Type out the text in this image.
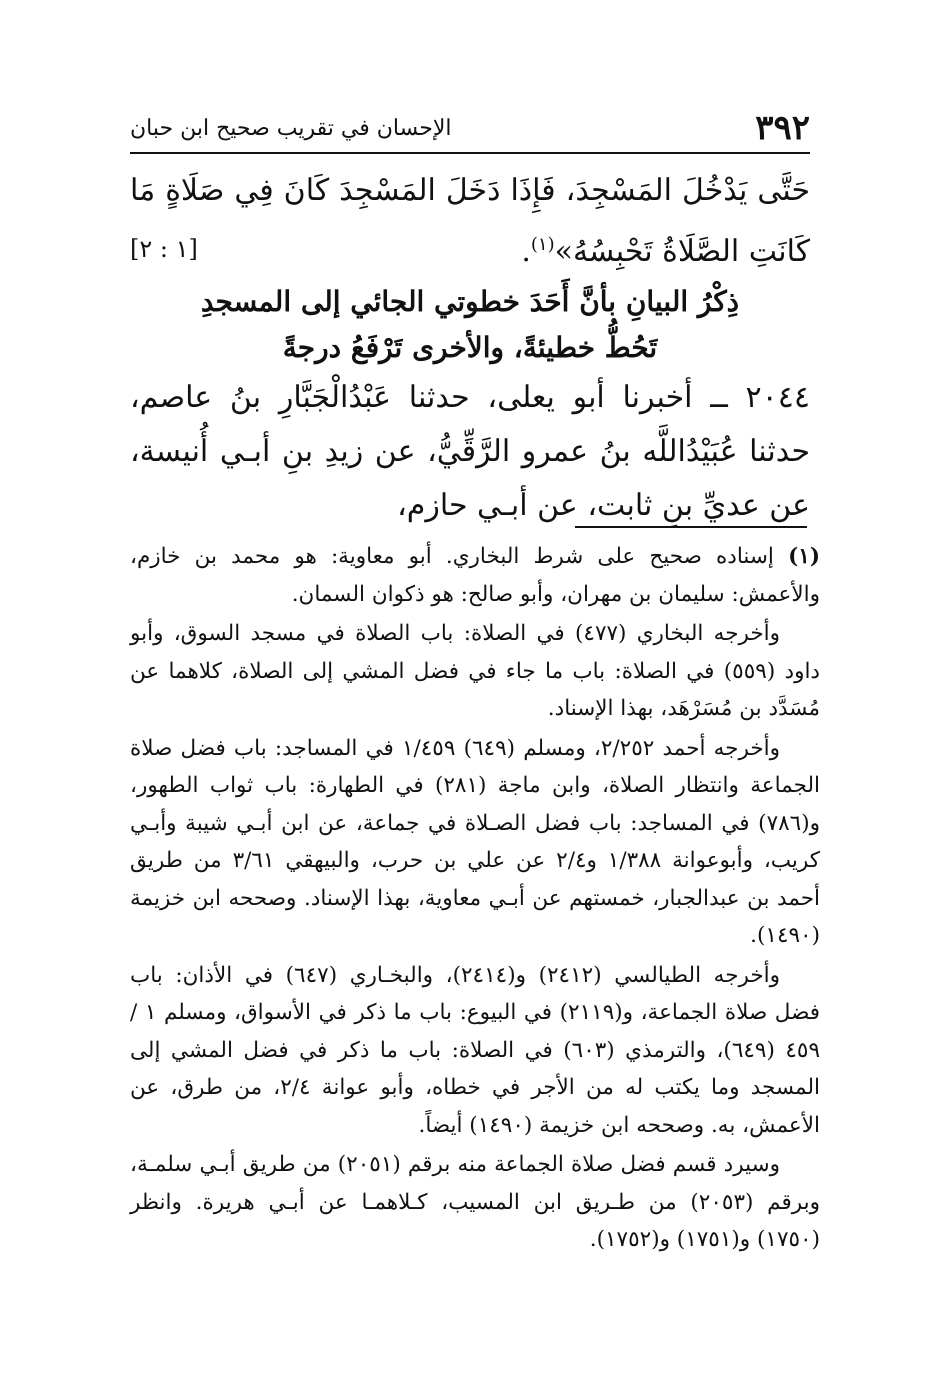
٣٩٢
الإحسان في تقريب صحيح ابن حبان

حَتَّى يَدْخُلَ المَسْجِدَ، فَإِذَا دَخَلَ المَسْجِدَ كَانَ فِي صَلَاةٍ مَا كَانَتِ الصَّلَاةُ تَحْبِسُهُ»$^{(١)}$.
[١ : ٢]

ذِكْرُ البيانِ بأنَّ أَحَدَ خطوتي الجائي إلى المسجدِ

تَحُطُّ خطيئةً، والأخرى تَرْفَعُ درجةً

٢٠٤٤ ــ أخبرنا أبو يعلى، حدثنا عَبْدُالْجَبَّارِ بنُ عاصم، حدثنا عُبَيْدُاللَّه بنُ عمرو الرَّقِّيُّ، عن زيدِ بنِ أبـي أُنيسة، عن عديِّ بنِ ثابت، عن أبـي حازم،

(١) إسناده صحيح على شرط البخاري. أبو معاوية: هو محمد بن خازم، والأعمش: سليمان بن مهران، وأبو صالح: هو ذكوان السمان.

وأخرجه البخاري (٤٧٧) في الصلاة: باب الصلاة في مسجد السوق، وأبو داود (٥٥٩) في الصلاة: باب ما جاء في فضل المشي إلى الصلاة، كلاهما عن مُسَدَّد بن مُسَرْهَد، بهذا الإسناد.

وأخرجه أحمد ٢/٢٥٢، ومسلم (٦٤٩) ١/٤٥٩ في المساجد: باب فضل صلاة الجماعة وانتظار الصلاة، وابن ماجة (٢٨١) في الطهارة: باب ثواب الطهور، و(٧٨٦) في المساجد: باب فضل الصـلاة في جماعة، عن ابن أبـي شيبة وأبـي كريب، وأبوعوانة ١/٣٨٨ و٢/٤ عن علي بن حرب، والبيهقي ٣/٦١ من طريق أحمد بن عبدالجبار، خمستهم عن أبـي معاوية، بهذا الإسناد. وصححه ابن خزيمة (١٤٩٠).

وأخرجه الطيالسي (٢٤١٢) و(٢٤١٤)، والبخـاري (٦٤٧) في الأذان: باب فضل صلاة الجماعة، و(٢١١٩) في البيوع: باب ما ذكر في الأسواق، ومسلم ١ / ٤٥٩ (٦٤٩)، والترمذي (٦٠٣) في الصلاة: باب ما ذكر في فضل المشي إلى المسجد وما يكتب له من الأجر في خطاه، وأبو عوانة ٢/٤، من طرق، عن الأعمش، به. وصححه ابن خزيمة (١٤٩٠) أيضاً.

وسيرد قسم فضل صلاة الجماعة منه برقم (٢٠٥١) من طريق أبـي سلمـة، وبرقم (٢٠٥٣) من طـريق ابن المسيب، كـلاهمـا عن أبـي هريرة. وانظر (١٧٥٠) و(١٧٥١) و(١٧٥٢).
